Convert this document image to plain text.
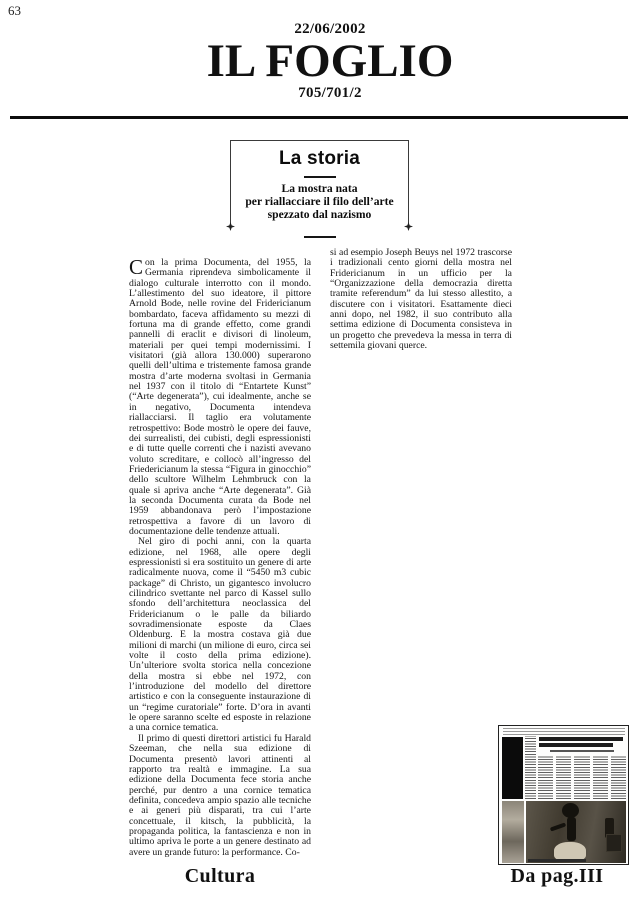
63
22/06/2002
IL FOGLIO
705/701/2
La storia
La mostra nata
per riallacciare il filo dell’arte
spezzato dal nazismo

Con la prima Documenta, del 1955, la Germania riprendeva simbolicamente il dialogo culturale interrotto con il mondo. L’allestimento del suo ideatore, il pittore Arnold Bode, nelle rovine del Fridericianum bombardato, faceva affidamento su mezzi di fortuna ma di grande effetto, come grandi pannelli di eraclit e divisori di linoleum, materiali per quei tempi modernissimi. I visitatori (già allora 130.000) superarono quelli dell’ultima e tristemente famosa grande mostra d’arte moderna svoltasi in Germania nel 1937 con il titolo di “Entartete Kunst” (“Arte degenerata”), cui idealmente, anche se in negativo, Documenta intendeva riallacciarsi. Il taglio era volutamente retrospettivo: Bode mostrò le opere dei fauve, dei surrealisti, dei cubisti, degli espressionisti e di tutte quelle correnti che i nazisti avevano voluto screditare, e collocò all’ingresso del Friedericianum la stessa “Figura in ginocchio” dello scultore Wilhelm Lehmbruck con la quale si apriva anche “Arte degenerata”. Già la seconda Documenta curata da Bode nel 1959 abbandonava però l’impostazione retrospettiva a favore di un lavoro di documentazione delle tendenze attuali.

Nel giro di pochi anni, con la quarta edizione, nel 1968, alle opere degli espressionisti si era sostituito un genere di arte radicalmente nuova, come il “5450 m3 cubic package” di Christo, un gigantesco involucro cilindrico svettante nel parco di Kassel sullo sfondo dell’architettura neoclassica del Fridericianum o le palle da biliardo sovradimensionate esposte da Claes Oldenburg. E la mostra costava già due milioni di marchi (un milione di euro, circa sei volte il costo della prima edizione). Un’ulteriore svolta storica nella concezione della mostra si ebbe nel 1972, con l’introduzione del modello del direttore artistico e con la conseguente instaurazione di un “regime curatoriale” forte. D’ora in avanti le opere saranno scelte ed esposte in relazione a una cornice tematica.

Il primo di questi direttori artistici fu Harald Szeeman, che nella sua edizione di Documenta presentò lavori attinenti al rapporto tra realtà e immagine. La sua edizione della Documenta fece storia anche perché, pur dentro a una cornice tematica definita, concedeva ampio spazio alle tecniche e ai generi più disparati, tra cui l’arte concettuale, il kitsch, la pubblicità, la propaganda politica, la fantascienza e non in ultimo apriva le porte a un genere destinato ad avere un grande futuro: la performance. Co-

si ad esempio Joseph Beuys nel 1972 trascorse i tradizionali cento giorni della mostra nel Fridericianum in un ufficio per la “Organizzazione della democrazia diretta tramite referendum” da lui stesso allestito, a discutere con i visitatori. Esattamente dieci anni dopo, nel 1982, il suo contributo alla settima edizione di Documenta consisteva in un progetto che prevedeva la messa in terra di settemila giovani querce.

Cultura	Da pag.III
